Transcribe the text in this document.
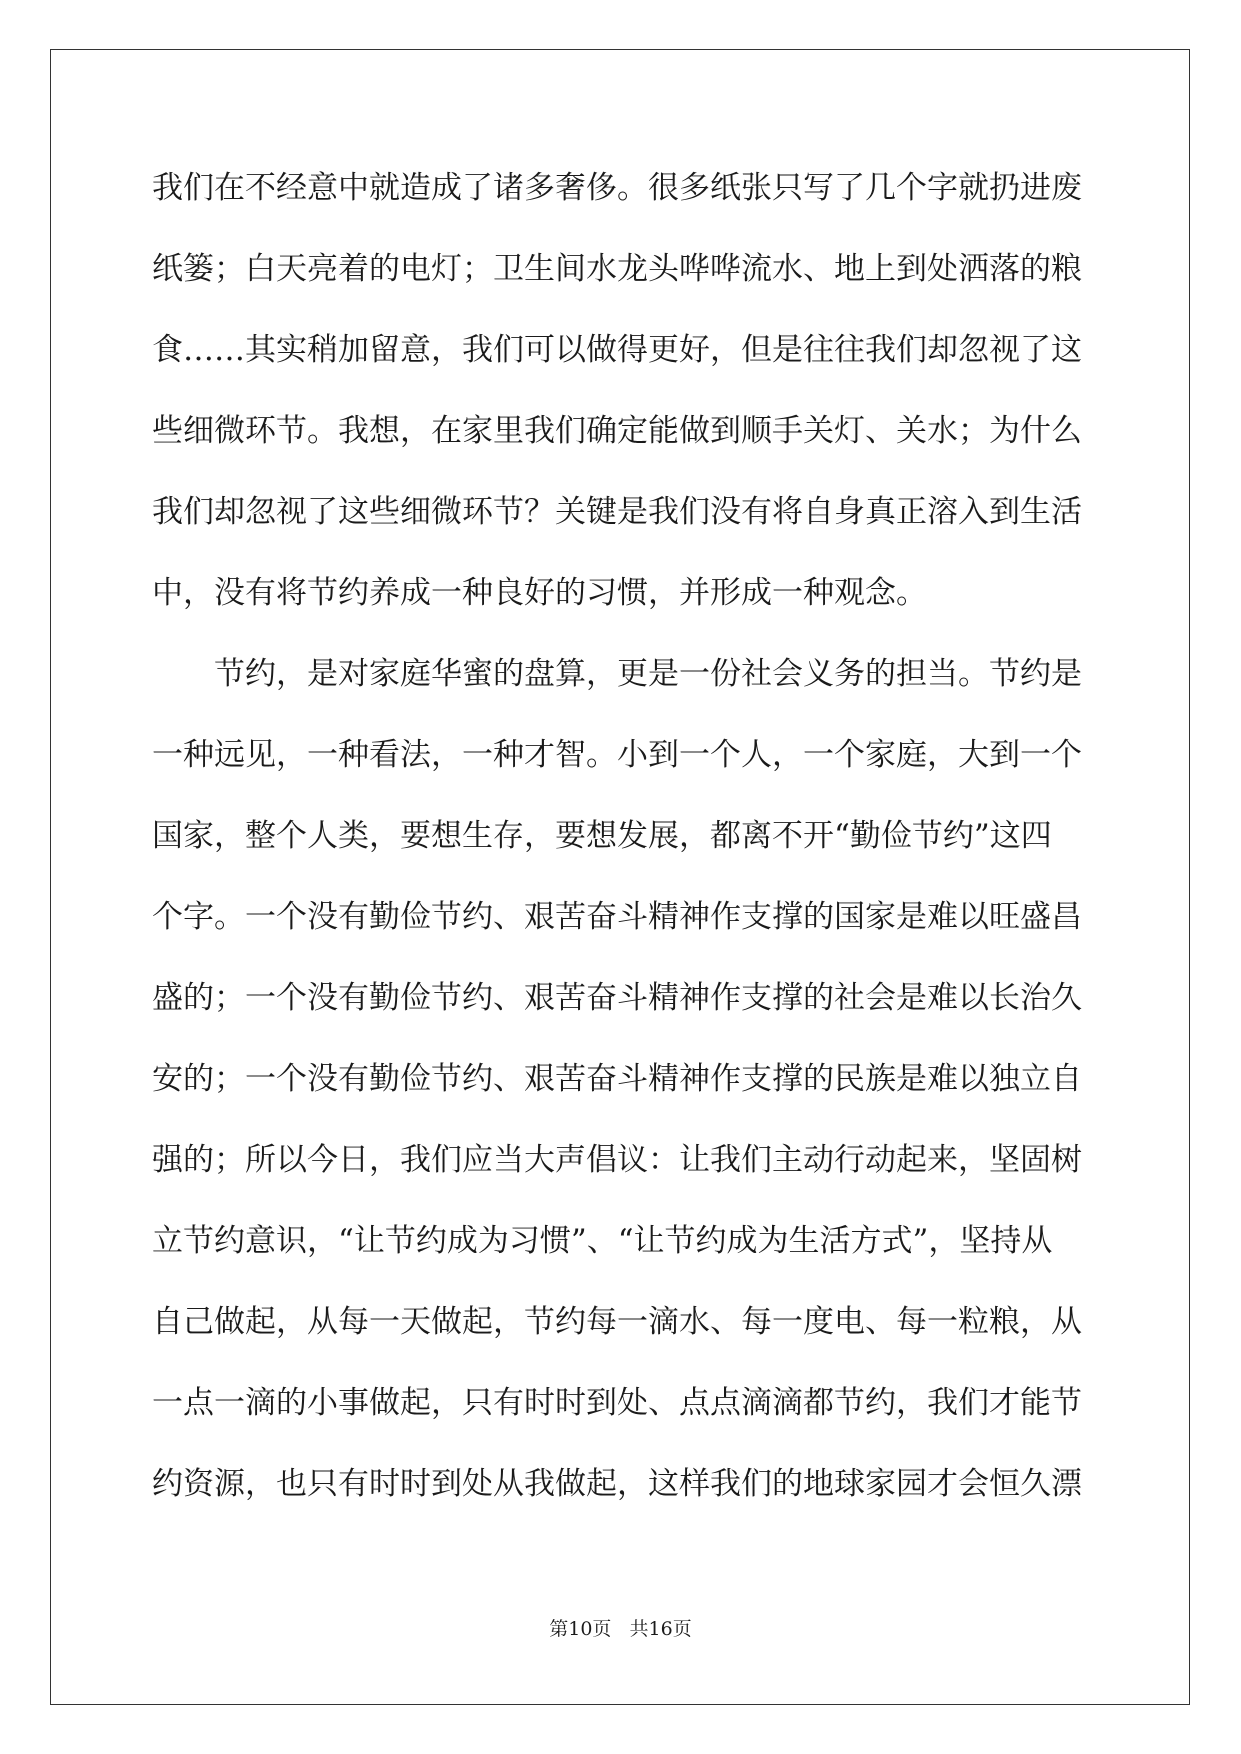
我们在不经意中就造成了诸多奢侈。很多纸张只写了几个字就扔进废
纸篓；白天亮着的电灯；卫生间水龙头哗哗流水、地上到处洒落的粮
食……其实稍加留意，我们可以做得更好，但是往往我们却忽视了这
些细微环节。我想，在家里我们确定能做到顺手关灯、关水；为什么
我们却忽视了这些细微环节？关键是我们没有将自身真正溶入到生活
中，没有将节约养成一种良好的习惯，并形成一种观念。
　　节约，是对家庭华蜜的盘算，更是一份社会义务的担当。节约是
一种远见，一种看法，一种才智。小到一个人，一个家庭，大到一个
国家，整个人类，要想生存，要想发展，都离不开“勤俭节约”这四
个字。一个没有勤俭节约、艰苦奋斗精神作支撑的国家是难以旺盛昌
盛的；一个没有勤俭节约、艰苦奋斗精神作支撑的社会是难以长治久
安的；一个没有勤俭节约、艰苦奋斗精神作支撑的民族是难以独立自
强的；所以今日，我们应当大声倡议：让我们主动行动起来，坚固树
立节约意识，“让节约成为习惯”、“让节约成为生活方式”，坚持从
自己做起，从每一天做起，节约每一滴水、每一度电、每一粒粮，从
一点一滴的小事做起，只有时时到处、点点滴滴都节约，我们才能节
约资源，也只有时时到处从我做起，这样我们的地球家园才会恒久漂
第10页   共16页
